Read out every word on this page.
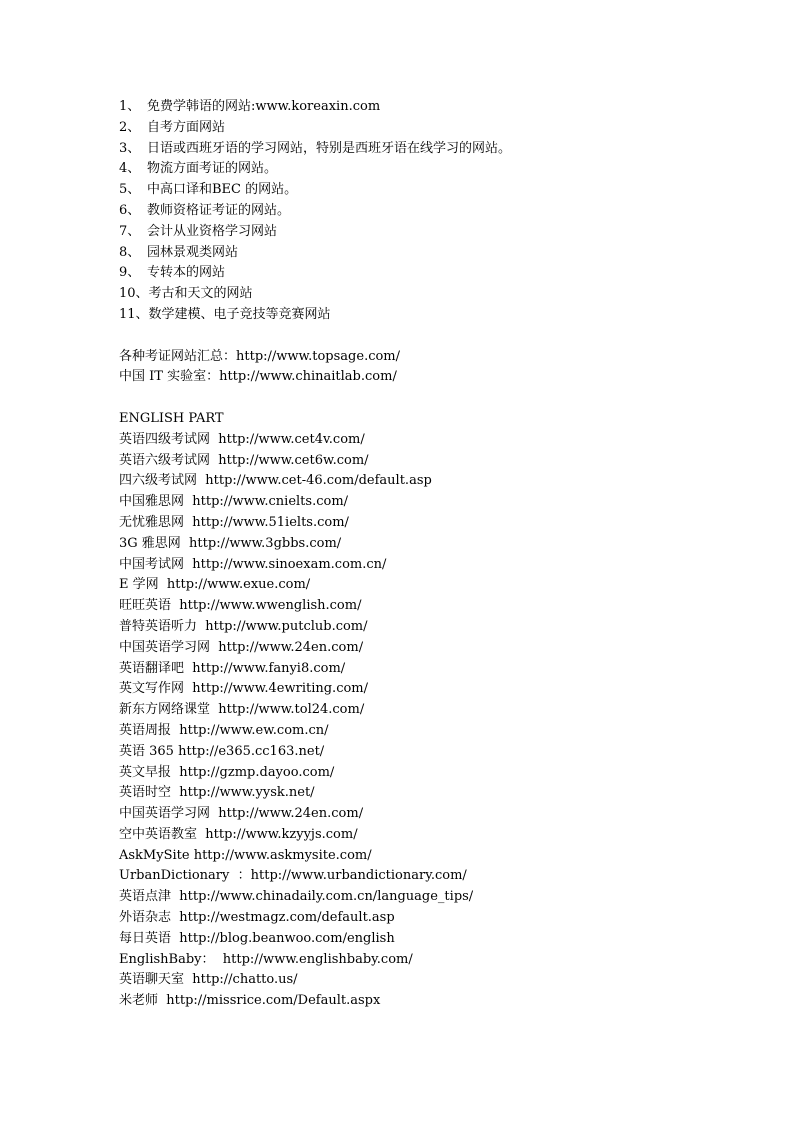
1、 免费学韩语的网站:www.koreaxin.com
2、 自考方面网站
3、 日语或西班牙语的学习网站，特别是西班牙语在线学习的网站。
4、 物流方面考证的网站。
5、 中高口译和BEC 的网站。
6、 教师资格证考证的网站。
7、 会计从业资格学习网站
8、 园林景观类网站
9、 专转本的网站
10、考古和天文的网站
11、数学建模、电子竞技等竞赛网站
各种考证网站汇总：http://www.topsage.com/
中国 IT 实验室：http://www.chinaitlab.com/
ENGLISH PART
英语四级考试网  http://www.cet4v.com/
英语六级考试网  http://www.cet6w.com/
四六级考试网  http://www.cet-46.com/default.asp
中国雅思网  http://www.cnielts.com/
无忧雅思网  http://www.51ielts.com/
3G 雅思网  http://www.3gbbs.com/
中国考试网  http://www.sinoexam.com.cn/
E 学网  http://www.exue.com/
旺旺英语  http://www.wwenglish.com/
普特英语听力  http://www.putclub.com/
中国英语学习网  http://www.24en.com/
英语翻译吧  http://www.fanyi8.com/
英文写作网  http://www.4ewriting.com/
新东方网络课堂  http://www.tol24.com/
英语周报  http://www.ew.com.cn/
英语 365 http://e365.cc163.net/
英文早报  http://gzmp.dayoo.com/
英语时空  http://www.yysk.net/
中国英语学习网  http://www.24en.com/
空中英语教室  http://www.kzyyjs.com/
AskMySite http://www.askmysite.com/
UrbanDictionary  ：http://www.urbandictionary.com/
英语点津  http://www.chinadaily.com.cn/language_tips/
外语杂志  http://westmagz.com/default.asp
每日英语  http://blog.beanwoo.com/english
EnglishBaby：  http://www.englishbaby.com/
英语聊天室  http://chatto.us/
米老师  http://missrice.com/Default.aspx
